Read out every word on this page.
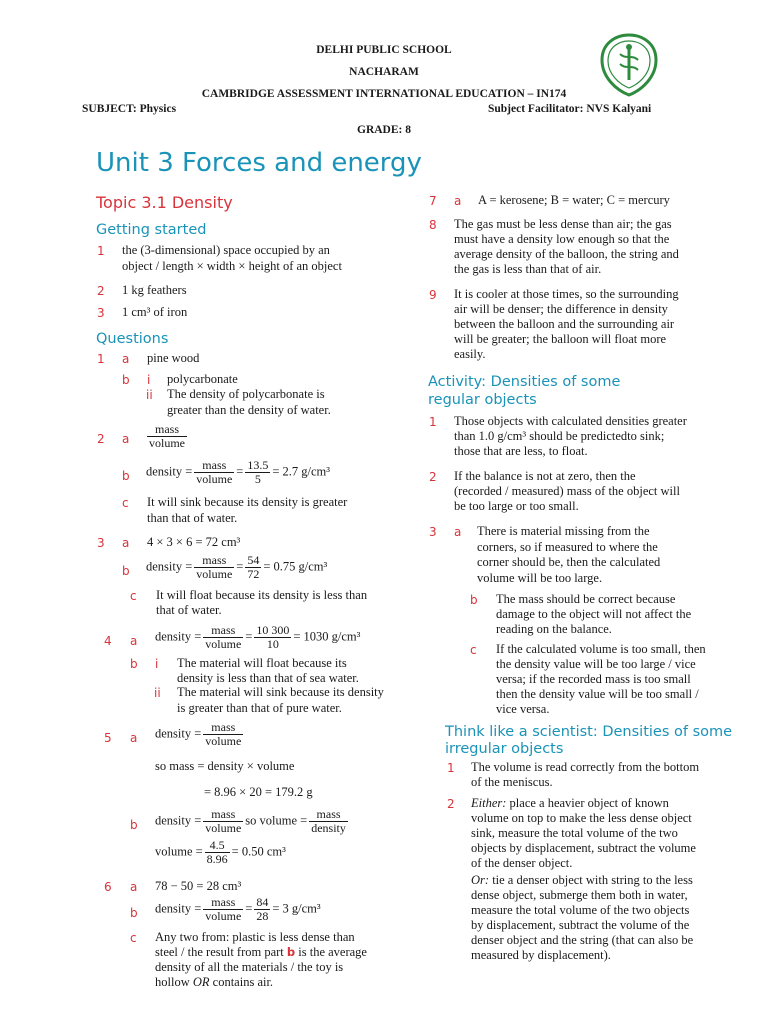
DELHI PUBLIC SCHOOL
NACHARAM
CAMBRIDGE ASSESSMENT INTERNATIONAL EDUCATION – IN174
SUBJECT: Physics	Subject Facilitator: NVS Kalyani
GRADE: 8
Unit 3 Forces and energy
Topic 3.1 Density
Getting started
1 the (3-dimensional) space occupied by an
object / length × width × height of an object
2 1 kg feathers
3 1 cm³ of iron
Questions
1 a pine wood
b i polycarbonate
ii The density of polycarbonate is
greater than the density of water.
2 a $\frac{\text{mass}}{\text{volume}}$
b density = $\frac{\text{mass}}{\text{volume}} = \frac{13.5}{5} = 2.7$ g/cm³
c It will sink because its density is greater
than that of water.
3 a 4 × 3 × 6 = 72 cm³
b density = $\frac{\text{mass}}{\text{volume}} = \frac{54}{72} = 0.75$ g/cm³
c It will float because its density is less than
that of water.
4 a density = $\frac{\text{mass}}{\text{volume}} = \frac{10 300}{10} = 1030$ g/cm³
b i The material will float because its
density is less than that of sea water.
ii The material will sink because its density
is greater than that of pure water.
5 a density = $\frac{\text{mass}}{\text{volume}}$
so mass = density × volume
= 8.96 × 20 = 179.2 g
b density = $\frac{\text{mass}}{\text{volume}}$ so volume = $\frac{\text{mass}}{\text{density}}$
volume = $\frac{4.5}{8.96} = 0.50$ cm³
6 a 78 − 50 = 28 cm³
b density = $\frac{\text{mass}}{\text{volume}} = \frac{84}{28} = 3$ g/cm³
c Any two from: plastic is less dense than
steel / the result from part b is the average
density of all the materials / the toy is
hollow OR contains air.
7 a A = kerosene; B = water; C = mercury
8 The gas must be less dense than air; the gas
must have a density low enough so that the
average density of the balloon, the string and
the gas is less than that of air.
9 It is cooler at those times, so the surrounding
air will be denser; the difference in density
between the balloon and the surrounding air
will be greater; the balloon will float more
easily.
Activity: Densities of some
regular objects
1 Those objects with calculated densities greater
than 1.0 g/cm³ should be predictedto sink;
those that are less, to float.
2 If the balance is not at zero, then the
(recorded / measured) mass of the object will
be too large or too small.
3 a There is material missing from the
corners, so if measured to where the
corner should be, then the calculated
volume will be too large.
b The mass should be correct because
damage to the object will not affect the
reading on the balance.
c If the calculated volume is too small, then
the density value will be too large / vice
versa; if the recorded mass is too small
then the density value will be too small /
vice versa.
Think like a scientist: Densities of some
irregular objects
1 The volume is read correctly from the bottom
of the meniscus.
2 Either: place a heavier object of known
volume on top to make the less dense object
sink, measure the total volume of the two
objects by displacement, subtract the volume
of the denser object.
Or: tie a denser object with string to the less
dense object, submerge them both in water,
measure the total volume of the two objects
by displacement, subtract the volume of the
denser object and the string (that can also be
measured by displacement).
